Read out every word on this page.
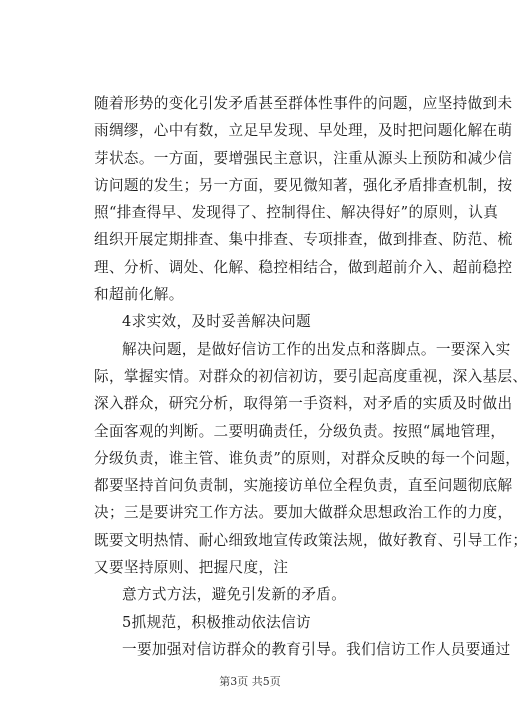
随着形势的变化引发矛盾甚至群体性事件的问题，应坚持做到未
雨绸缪，心中有数，立足早发现、早处理，及时把问题化解在萌
芽状态。一方面，要增强民主意识，注重从源头上预防和减少信
访问题的发生；另一方面，要见微知著，强化矛盾排查机制，按
照“排查得早、发现得了、控制得住、解决得好”的原则，认真
组织开展定期排查、集中排查、专项排查，做到排查、防范、梳
理、分析、调处、化解、稳控相结合，做到超前介入、超前稳控
和超前化解。
4求实效，及时妥善解决问题
解决问题，是做好信访工作的出发点和落脚点。一要深入实
际，掌握实情。对群众的初信初访，要引起高度重视，深入基层、
深入群众，研究分析，取得第一手资料，对矛盾的实质及时做出
全面客观的判断。二要明确责任，分级负责。按照“属地管理，
分级负责，谁主管、谁负责”的原则，对群众反映的每一个问题，
都要坚持首问负责制，实施接访单位全程负责，直至问题彻底解
决；三是要讲究工作方法。要加大做群众思想政治工作的力度，
既要文明热情、耐心细致地宣传政策法规，做好教育、引导工作；
又要坚持原则、把握尺度，注
意方式方法，避免引发新的矛盾。
5抓规范，积极推动依法信访
一要加强对信访群众的教育引导。我们信访工作人员要通过
第3页 共5页
